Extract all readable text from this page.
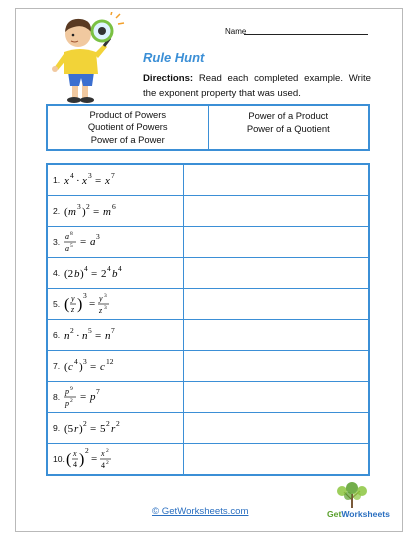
Name
Rule Hunt
Directions: Read each completed example. Write the exponent property that was used.
Product of Powers
Quotient of Powers
Power of a Power
Power of a Product
Power of a Quotient
1. x 4 · x 3 = x 7
2. ( m 3 ) 2 = m 6
3.
a 8
a 5 = a 3
4. (2 b ) 4 = 2 4 b 4
5. ( y
z )
3
= y 3
z 3
6. n 2 · n 5 = n 7
7. ( c 4 ) 3 = c 12
8.
p 9
p 2 = p 7
9. (5 r ) 2 = 5 2 r 2
10. ( x
4 )
2
= x 2
4 2
© GetWorksheets.com	GetWorksheets
